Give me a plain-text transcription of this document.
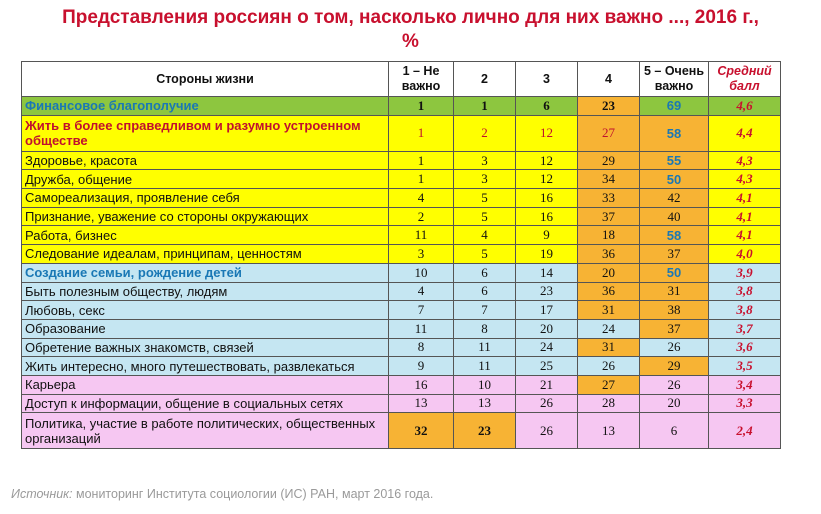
Представления россиян о том, насколько лично для них важно ..., 2016 г.,
%
Стороны жизни	1 – Не важно	2	3	4	5 – Очень важно	Средний балл
Финансовое благополучие	1	1	6	23	69	4,6
Жить в более справедливом и разумно устроенном обществе	1	2	12	27	58	4,4
Здоровье, красота	1	3	12	29	55	4,3
Дружба, общение	1	3	12	34	50	4,3
Самореализация, проявление себя	4	5	16	33	42	4,1
Признание, уважение со стороны окружающих	2	5	16	37	40	4,1
Работа, бизнес	11	4	9	18	58	4,1
Следование идеалам, принципам, ценностям	3	5	19	36	37	4,0
Создание семьи, рождение детей	10	6	14	20	50	3,9
Быть полезным обществу, людям	4	6	23	36	31	3,8
Любовь, секс	7	7	17	31	38	3,8
Образование	11	8	20	24	37	3,7
Обретение важных знакомств, связей	8	11	24	31	26	3,6
Жить интересно, много путешествовать, развлекаться	9	11	25	26	29	3,5
Карьера	16	10	21	27	26	3,4
Доступ к информации, общение в социальных сетях	13	13	26	28	20	3,3
Политика, участие в работе политических, общественных организаций	32	23	26	13	6	2,4
Источник: мониторинг Института социологии (ИС) РАН, март 2016 года.
